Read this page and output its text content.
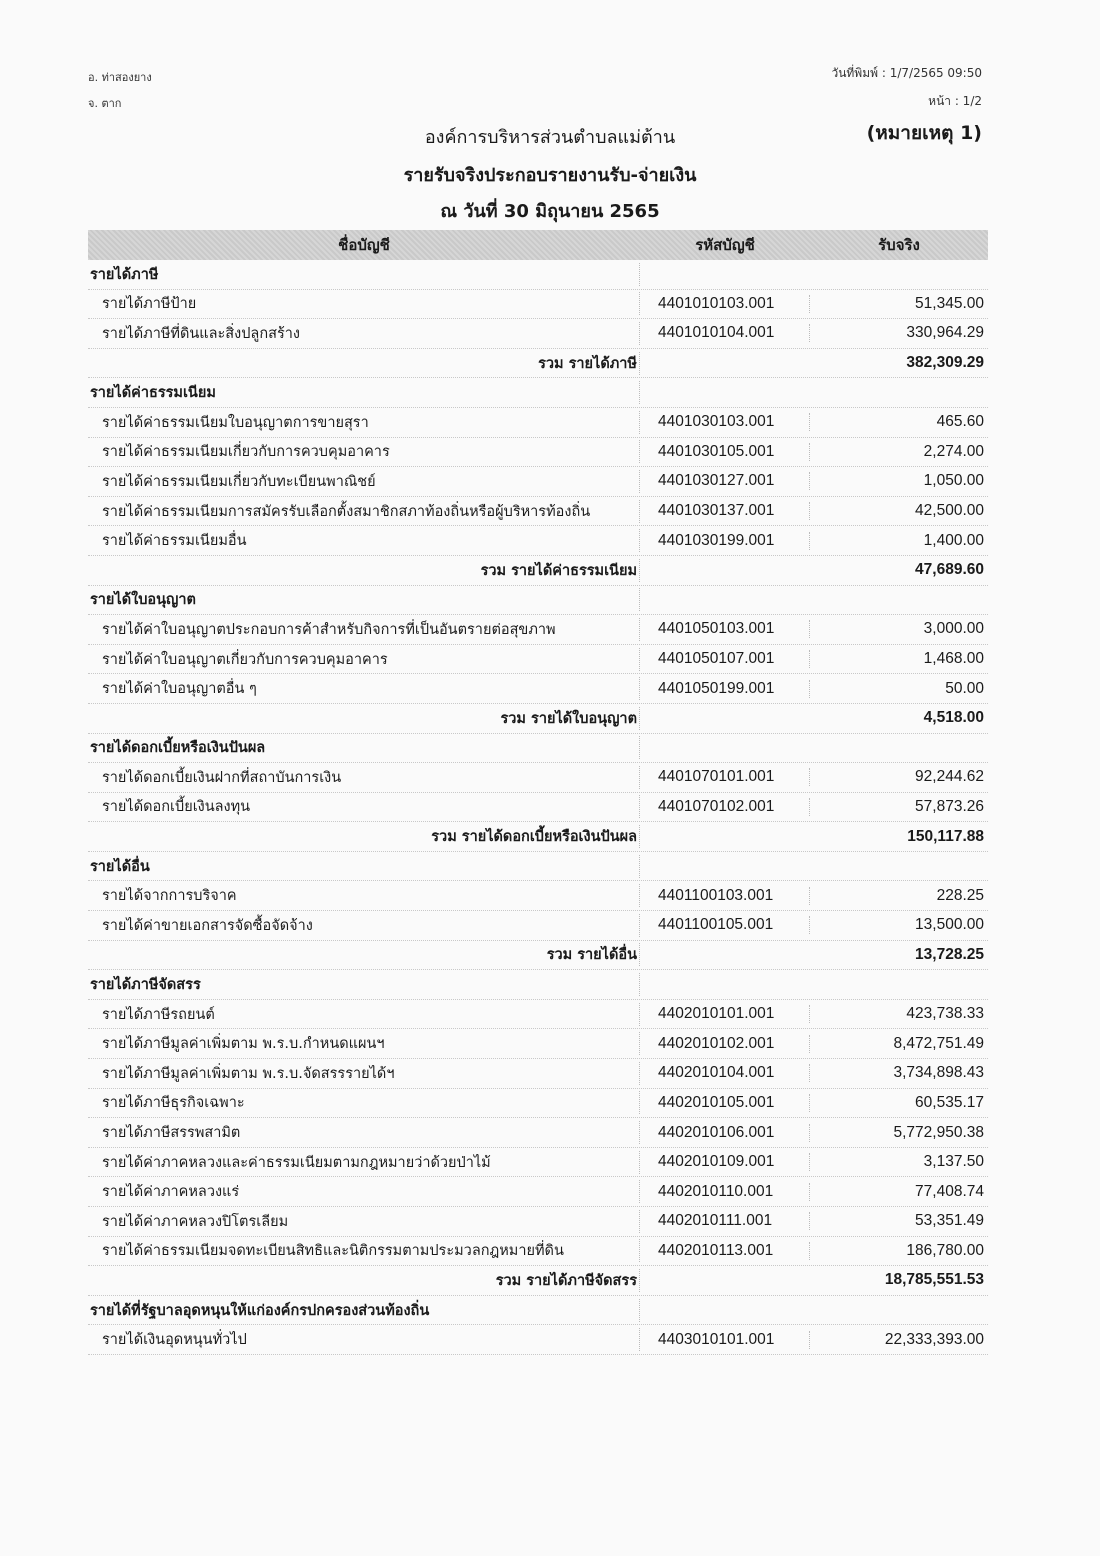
อ. ท่าสองยาง
จ. ตาก
วันที่พิมพ์ : 1/7/2565 09:50
หน้า : 1/2
องค์การบริหารส่วนตำบลแม่ต้าน	(หมายเหตุ 1)
รายรับจริงประกอบรายงานรับ-จ่ายเงิน
ณ วันที่ 30 มิถุนายน 2565
ชื่อบัญชี	รหัสบัญชี	รับจริง
รายได้ภาษี
รายได้ภาษีป้าย	4401010103.001	51,345.00
รายได้ภาษีที่ดินและสิ่งปลูกสร้าง	4401010104.001	330,964.29
รวม รายได้ภาษี	382,309.29
รายได้ค่าธรรมเนียม
รายได้ค่าธรรมเนียมใบอนุญาตการขายสุรา	4401030103.001	465.60
รายได้ค่าธรรมเนียมเกี่ยวกับการควบคุมอาคาร	4401030105.001	2,274.00
รายได้ค่าธรรมเนียมเกี่ยวกับทะเบียนพาณิชย์	4401030127.001	1,050.00
รายได้ค่าธรรมเนียมการสมัครรับเลือกตั้งสมาชิกสภาท้องถิ่นหรือผู้บริหารท้องถิ่น	4401030137.001	42,500.00
รายได้ค่าธรรมเนียมอื่น	4401030199.001	1,400.00
รวม รายได้ค่าธรรมเนียม	47,689.60
รายได้ใบอนุญาต
รายได้ค่าใบอนุญาตประกอบการค้าสำหรับกิจการที่เป็นอันตรายต่อสุขภาพ	4401050103.001	3,000.00
รายได้ค่าใบอนุญาตเกี่ยวกับการควบคุมอาคาร	4401050107.001	1,468.00
รายได้ค่าใบอนุญาตอื่น ๆ	4401050199.001	50.00
รวม รายได้ใบอนุญาต	4,518.00
รายได้ดอกเบี้ยหรือเงินปันผล
รายได้ดอกเบี้ยเงินฝากที่สถาบันการเงิน	4401070101.001	92,244.62
รายได้ดอกเบี้ยเงินลงทุน	4401070102.001	57,873.26
รวม รายได้ดอกเบี้ยหรือเงินปันผล	150,117.88
รายได้อื่น
รายได้จากการบริจาค	4401100103.001	228.25
รายได้ค่าขายเอกสารจัดซื้อจัดจ้าง	4401100105.001	13,500.00
รวม รายได้อื่น	13,728.25
รายได้ภาษีจัดสรร
รายได้ภาษีรถยนต์	4402010101.001	423,738.33
รายได้ภาษีมูลค่าเพิ่มตาม พ.ร.บ.กำหนดแผนฯ	4402010102.001	8,472,751.49
รายได้ภาษีมูลค่าเพิ่มตาม พ.ร.บ.จัดสรรรายได้ฯ	4402010104.001	3,734,898.43
รายได้ภาษีธุรกิจเฉพาะ	4402010105.001	60,535.17
รายได้ภาษีสรรพสามิต	4402010106.001	5,772,950.38
รายได้ค่าภาคหลวงและค่าธรรมเนียมตามกฎหมายว่าด้วยป่าไม้	4402010109.001	3,137.50
รายได้ค่าภาคหลวงแร่	4402010110.001	77,408.74
รายได้ค่าภาคหลวงปิโตรเลียม	4402010111.001	53,351.49
รายได้ค่าธรรมเนียมจดทะเบียนสิทธิและนิติกรรมตามประมวลกฎหมายที่ดิน	4402010113.001	186,780.00
รวม รายได้ภาษีจัดสรร	18,785,551.53
รายได้ที่รัฐบาลอุดหนุนให้แก่องค์กรปกครองส่วนท้องถิ่น
รายได้เงินอุดหนุนทั่วไป	4403010101.001	22,333,393.00
